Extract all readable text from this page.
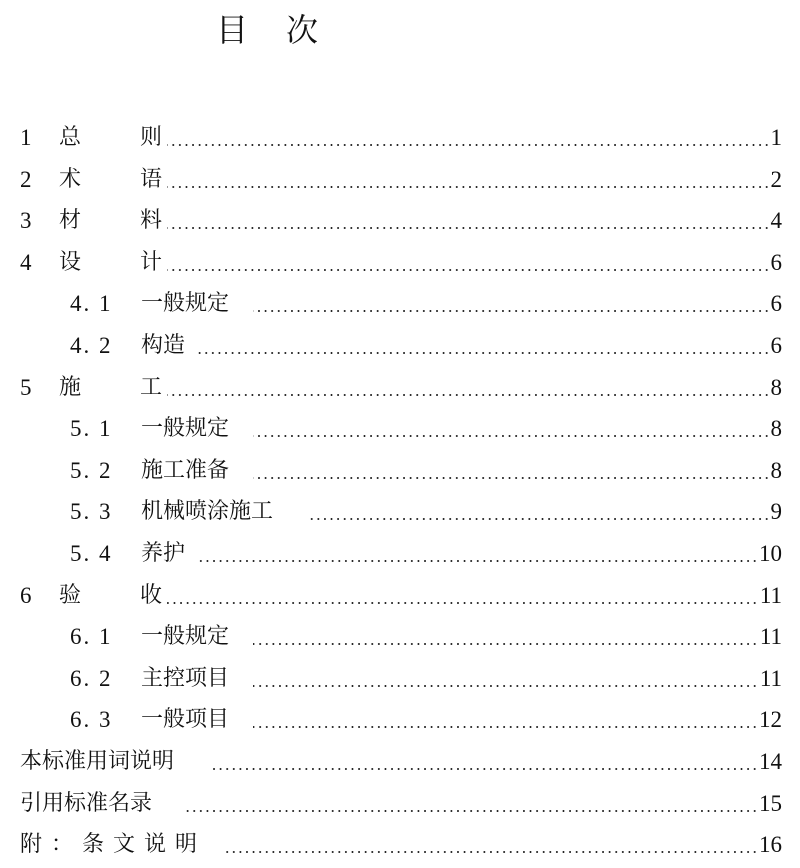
目 次
1 总	则	1
2 术	语	2
3 材	料	4
4 设	计	6
4. 1 一般规定	6
4. 2 构造	6
5 施	工	8
5. 1 一般规定	8
5. 2 施工准备	8
5. 3 机械喷涂施工	9
5. 4 养护	10
6 验	收	11
6. 1 一般规定	11
6. 2 主控项目	11
6. 3 一般项目	12
本标准用词说明	14
引用标准名录	15
附：条文说明	16
